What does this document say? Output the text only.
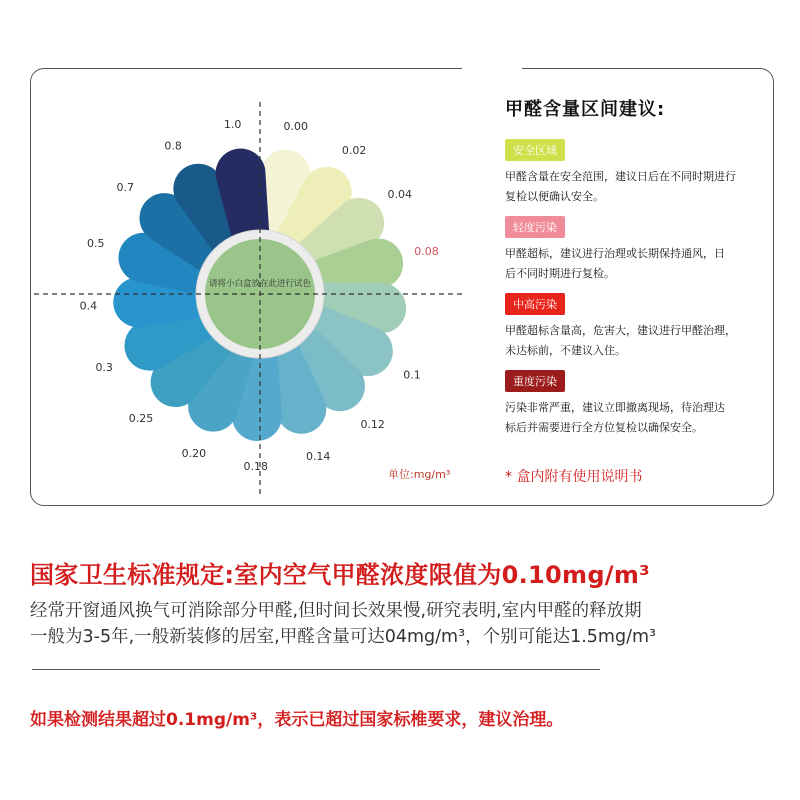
0.00
0.02
0.04
0.08
0.1
0.12
0.14
0.18
0.20
0.25
0.3
0.4
0.5
0.7
0.8
1.0
请将小白盒放在此进行试色
单位:mg/m³
甲醛含量区间建议:
安全区域
甲醛含量在安全范围，建议日后在不同时期进行
复检以便确认安全。
轻度污染
甲醛超标，建议进行治理或长期保持通风，日
后不同时期进行复检。
中高污染
甲醛超标含量高，危害大，建议进行甲醛治理，
未达标前，不建议入住。
重度污染
污染非常严重，建议立即撤离现场，待治理达
标后并需要进行全方位复检以确保安全。
* 盒内附有使用说明书
国家卫生标准规定:室内空气甲醛浓度限值为0.10mg/m³
经常开窗通风换气可消除部分甲醛,但时间长效果慢,研究表明,室内甲醛的释放期
一般为3-5年,一般新装修的居室,甲醛含量可达04mg/m³，个别可能达1.5mg/m³
如果检测结果超过0.1mg/m³，表示已超过国家标椎要求，建议治理。
